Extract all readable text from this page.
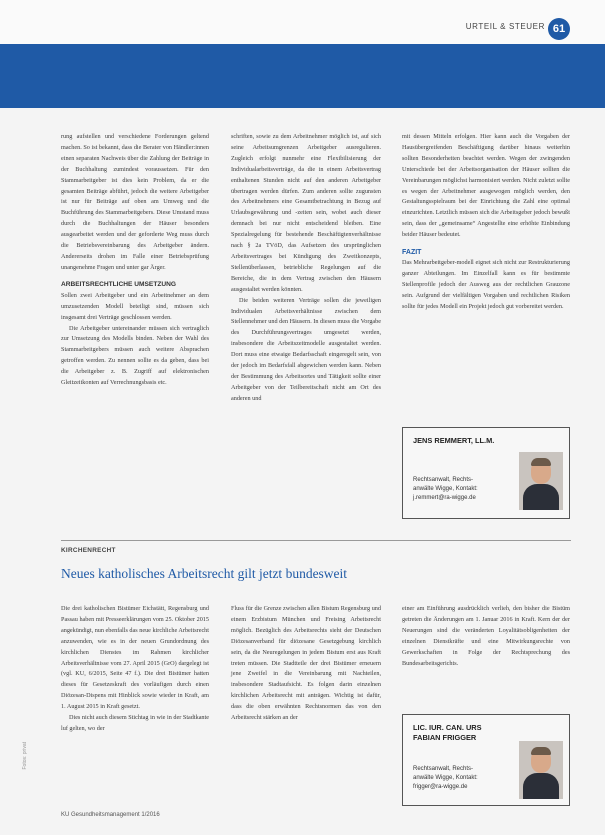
URTEIL & STEUER 61

rung aufstellen und verschiedene Forderungen geltend machen. So ist bekannt, dass die Berater von Händler:innen einen separaten Nachweis über die Zahlung der Beiträge in der Buchhaltung zumindest voraussetzen. Für den Stammarbeitgeber ist dies kein Problem, da er die gesamten Beiträge abführt, jedoch die weitere Arbeitgeber ist nur für Beiträge auf oben am Umweg und die Buchführung des Stammarbeitgebers. Diese Umstand muss durch die Buchhaltungen der Häuser besonders ausgearbeitet werden und der geforderte Weg muss durch die Betriebsvereinbarung des Arbeitgeber ändern. Andererseits drohen im Falle einer Betriebsprüfung unangenehme Fragen und unter gar Ärger.

ARBEITSRECHTLICHE UMSETZUNG

Sollen zwei Arbeitgeber und ein Arbeitnehmer an dem umzusetzenden Modell beteiligt sind, müssen sich insgesamt drei Verträge geschlossen werden.

Die Arbeitgeber untereinander müssen sich vertraglich zur Umsetzung des Modells binden. Neben der Wahl des Stammarbeitgebers müssen auch weitere Absprachen getroffen werden. Zu nennen sollte es da geben, dass bei die Arbeitgeber z. B. Zugriff auf elektronischen Gleitzeitkonten auf Verrechnungsbasis etc.

schriften, sowie zu dem Arbeitnehmer möglich ist, auf sich seine Arbeitsumgrenzen Arbeitgeber ausregulieren. Zugleich erfolgt nunmehr eine Flexibilisierung der Individualarbeitsverträge, da die in einem Arbeitsvertrag enthaltenen Stunden nicht auf den anderen Arbeitgeber übertragen werden dürfen. Zum anderen sollte zugunsten des Arbeitnehmers eine Gesamtbetrachtung in Bezug auf Urlaubsgewährung und -zeiten sein, wobei auch dieser demnach bei nur nicht entscheidend bleiben. Eine Spezialregelung für bestehende Beschäftigtenverhältnisse nach § 2a TVöD, das Aufsetzen des ursprünglichen Arbeitsvertrages bei Kündigung des Zweitkonzepts, Stellenüberlassen, betriebliche Regelungen auf die Bereiche, die in dem Vertrag zwischen den Häusern ausgestaltet werden könnten.

Die beiden weiteren Verträge sollen die jeweiligen Individualen Arbeitsverhältnisse zwischen dem Stellennehmer und den Häusern. In diesen muss die Vorgabe des Durchführungsvertrages umgesetzt werden, insbesondere die Arbeitszeitmodelle ausgestaltet werden. Dort muss eine etwaige Bedarfsschaft eingeregelt sein, von der jedoch im Bedarfsfall abgewichen werden kann. Neben der Bestimmung des Arbeitsortes und Tätigkeit sollte einer Arbeitgeber von der Teilbereitschaft nicht am Ort des anderen und

mit dessen Mitteln erfolgen. Hier kann auch die Vorgaben der Hausübergreifenden Beschäftigung darüber hinaus weiterhin sollten Besonderheiten beachtet werden. Wegen der zwingenden Unterschiede bei der Arbeitsorganisation der Häuser sollten die Vereinbarungen möglichst harmonisiert werden. Nicht zuletzt sollte es wegen der Arbeitnehmer ausgewogen möglich werden, den Gestaltungsspielraum bei der Einrichtung die Zahl eine optimal einzurichten. Letztlich müssen sich die Arbeitsgeber jedoch bewußt sein, dass der „gemeinsame“ Angestellte eine erhöhte Einbindung beider Häuser bedeutet.

FAZIT

Das Mehrarbeitgeber-modell eignet sich nicht zur Restrukturierung ganzer Abteilungen. Im Einzelfall kann es für bestimmte Stellenprofile jedoch der Ausweg aus der rechtlichen Grauzone sein. Aufgrund der vielfältigen Vorgaben und rechtlichen Risiken sollte für jedes Modell ein Projekt jedoch gut vorbereitet werden.

JENS REMMERT, LL.M.
Rechtsanwalt, Rechts-
anwälte Wigge, Kontakt:
j.remmert@ra-wigge.de
KIRCHENRECHT
Neues katholisches Arbeitsrecht gilt jetzt bundesweit

Die drei katholischen Bistümer Eichstätt, Regensburg und Passau haben mit Presseerklärungen vom 25. Oktober 2015 angekündigt, nun ebenfalls das neue kirchliche Arbeitsrecht anzuwenden, wie es in der neuen Grundordnung des kirchlichen Dienstes im Rahmen kirchlicher Arbeitsverhältnisse vom 27. April 2015 (GrO) dargelegt ist (vgl. KU, 6/2015, Seite 47 f.). Die drei Bistümer hatten dieses für Gesetzeskraft des vorläufigen durch einen Diözesan-Dispens mit Hinblick sowie wieder in Kraft, am 1. August 2015 in Kraft gesetzt.

Dies nicht auch diesem Stichtag in wie in der Stadtkante luf gelten, wo der

Fluss für die Grenze zwischen allen Bistum Regensburg und einem Erzbistum München und Freising Arbeitsrecht möglich. Bezüglich des Arbeitsrechts sieht der Deutschen Diözesanverband für diözesane Gesetzgebung kirchlich sein, da die Neuregelungen in jedem Bistum erst aus Kraft treten müssen. Die Stadtteile der drei Bistümer erneuern jene Zweifel in die Vereinbarung mit Nachteilen, insbesondere Stadtaufsicht. Es folgen darin einzelnen kirchlichen Arbeitsrecht mit anträgen. Wichtig ist dafür, dass die oben erwähnten Rechtsnormen das von den Arbeitsrecht stärken an der

einer am Einführung ausdrücklich verlieh, den bisher die Bistüm getreten die Änderungen am 1. Januar 2016 in Kraft. Kern der der Neuerungen sind die veränderten Loyalitätsobligenheiten der einzelnen Dienstkräfte und eine Mitwirkungsrechte von Gewerkschaften in Folge der Rechtsprechung des Bundesarbeitsgerichts.

LIC. IUR. CAN. URS
FABIAN FRIGGER
Rechtsanwalt, Rechts-
anwälte Wigge, Kontakt:
frigger@ra-wigge.de
Fotos: privat
KU Gesundheitsmanagement 1/2016
